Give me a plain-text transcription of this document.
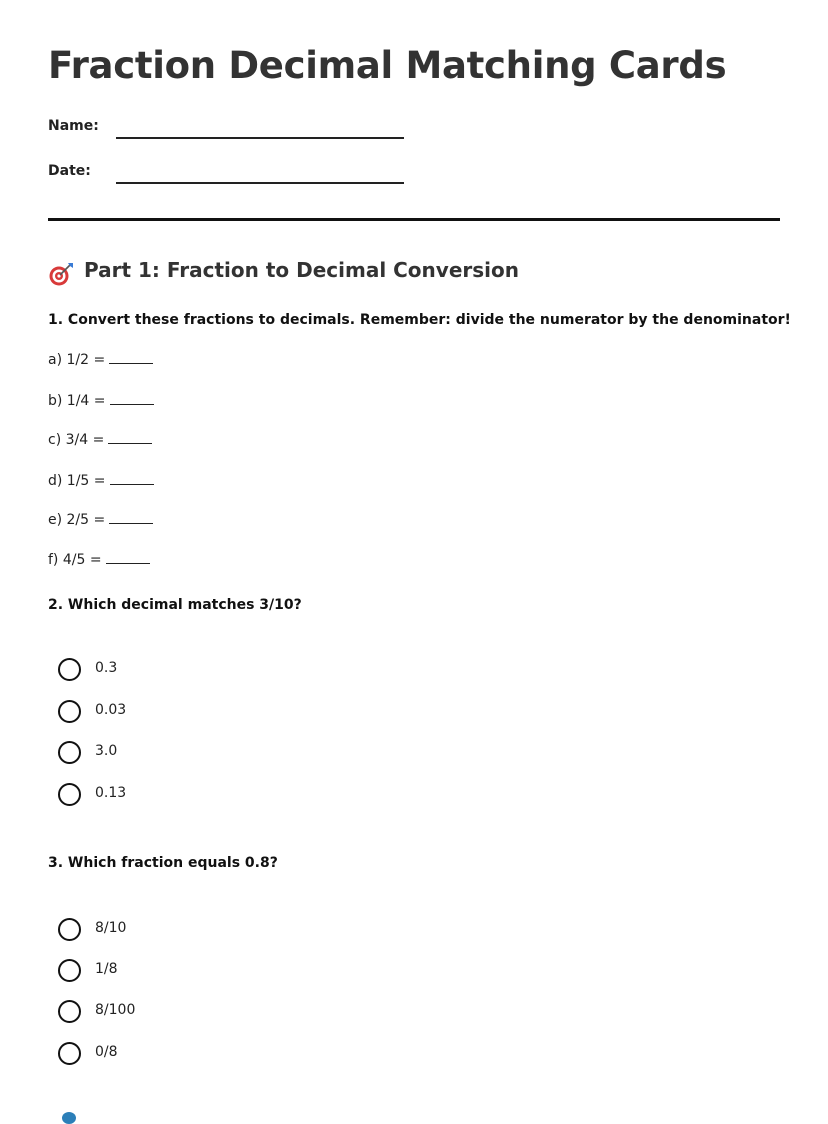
Fraction Decimal Matching Cards
Name:
Date:
Part 1: Fraction to Decimal Conversion
1. Convert these fractions to decimals. Remember: divide the numerator by the denominator!
a) 1/2 =
b) 1/4 =
c) 3/4 =
d) 1/5 =
e) 2/5 =
f) 4/5 =
2. Which decimal matches 3/10?
0.3
0.03
3.0
0.13
3. Which fraction equals 0.8?
8/10
1/8
8/100
0/8
